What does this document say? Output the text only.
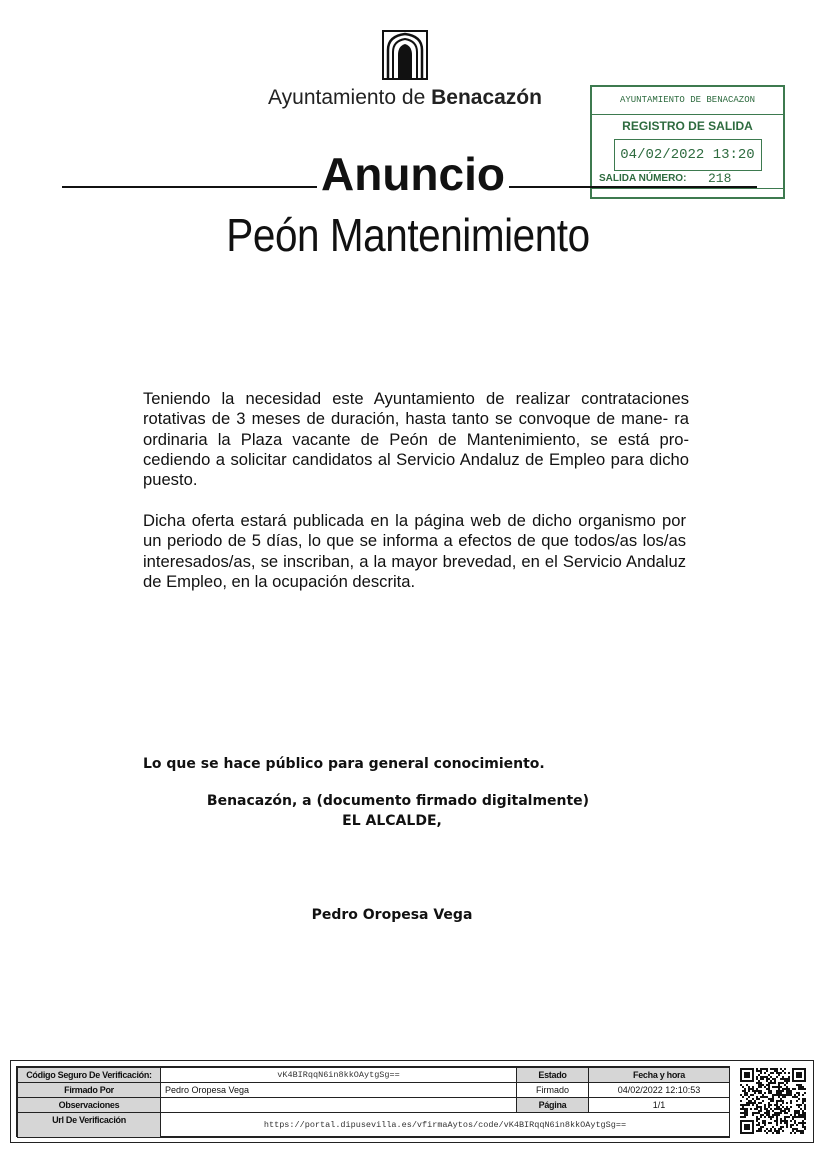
Ayuntamiento de Benacazón	AYUNTAMIENTO DE BENACAZON
REGISTRO DE SALIDA
04/02/2022 13:20
SALIDA NÚMERO: 218
Anuncio
Peón Mantenimiento
Teniendo la necesidad este Ayuntamiento de realizar contrataciones rotativas de 3 meses de duración, hasta tanto se convoque de mane- ra ordinaria la Plaza vacante de Peón de Mantenimiento, se está pro- cediendo a solicitar candidatos al Servicio Andaluz de Empleo para dicho puesto.
Dicha oferta estará publicada en la página web de dicho organismo por un periodo de 5 días, lo que se informa a efectos de que todos/as los/as interesados/as, se inscriban, a la mayor brevedad, en el Servicio Andaluz de Empleo, en la ocupación descrita.
Lo que se hace público para general conocimiento.
Benacazón, a (documento firmado digitalmente)
EL ALCALDE,
Pedro Oropesa Vega
Código Seguro De Verificación:	vK4BIRqqN6in8kkOAytgSg==	Estado	Fecha y hora
Firmado Por	Pedro Oropesa Vega	Firmado	04/02/2022 12:10:53
Observaciones		Página	1/1
Url De Verificación	https://portal.dipusevilla.es/vfirmaAytos/code/vK4BIRqqN6in8kkOAytgSg==		
